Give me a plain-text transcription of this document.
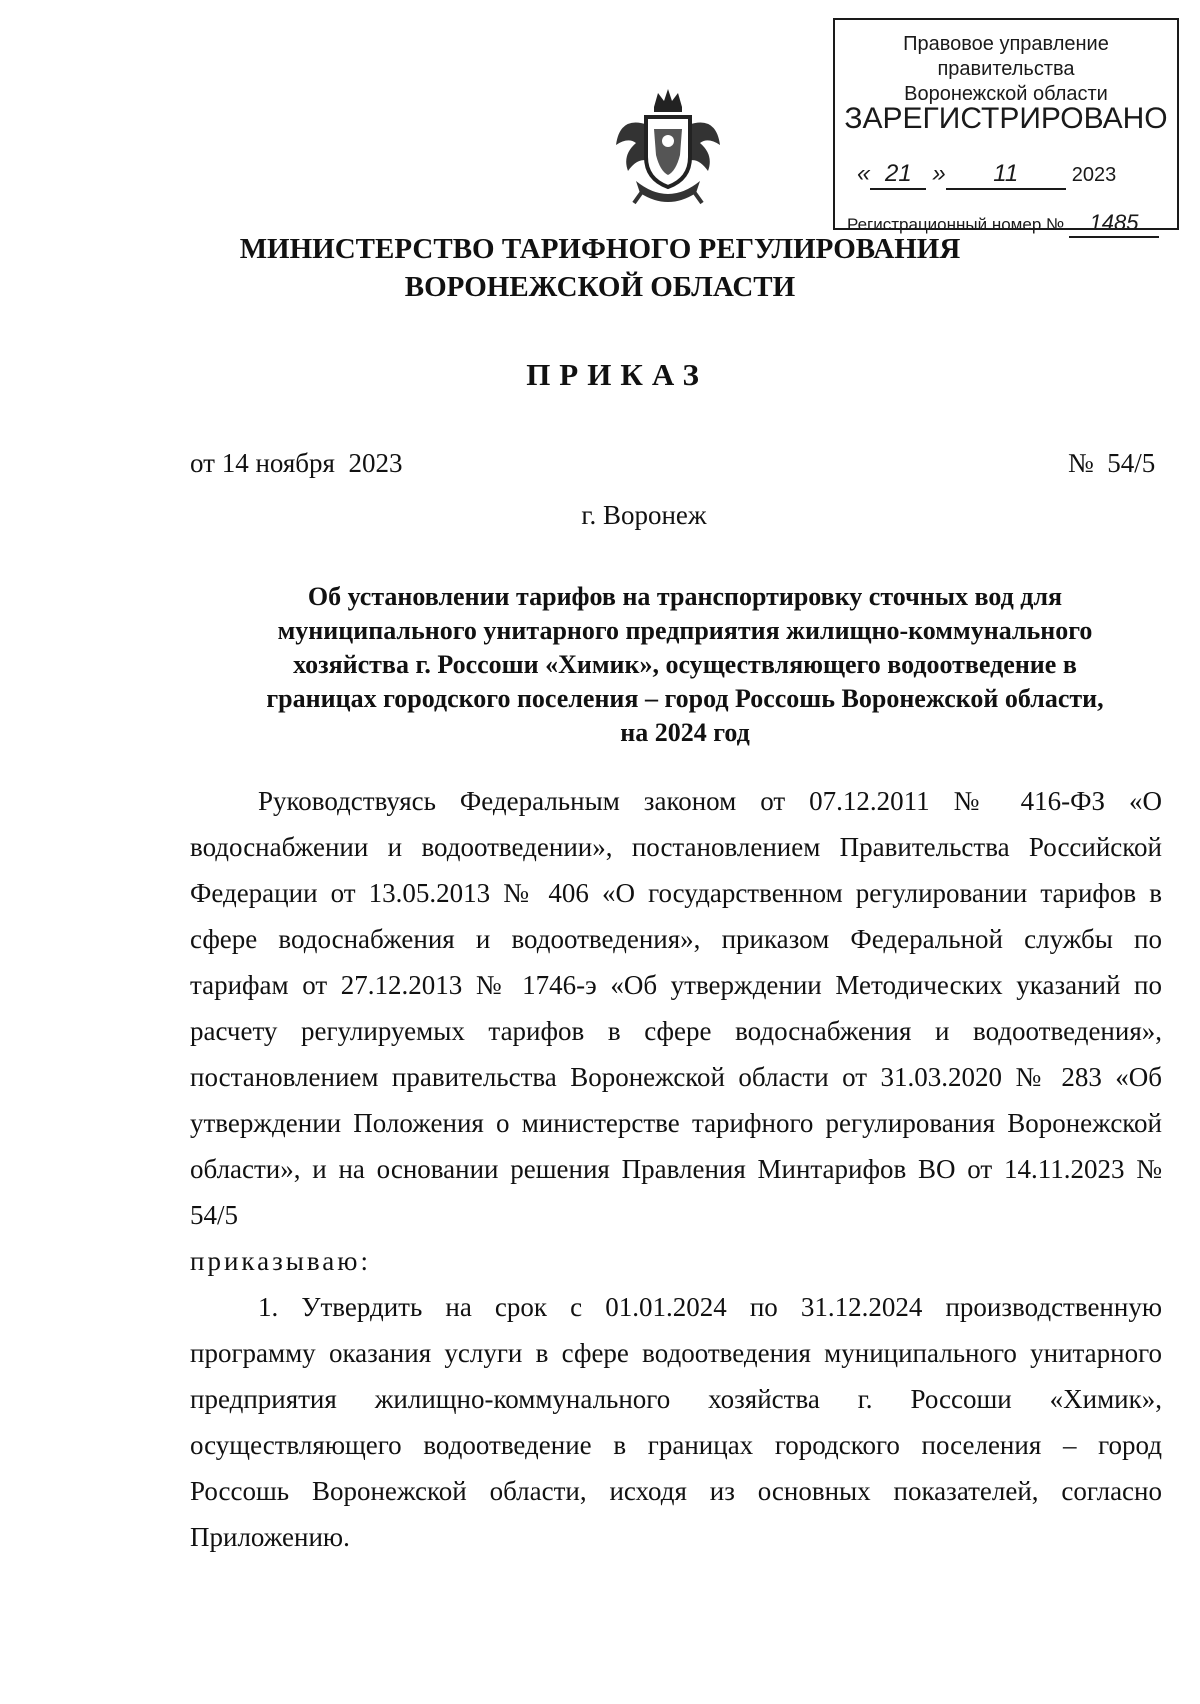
Правовое управление правительства
Воронежской области
ЗАРЕГИСТРИРОВАНО
« 21 » 11	2023
Регистрационный номер № 1485
МИНИСТЕРСТВО ТАРИФНОГО РЕГУЛИРОВАНИЯ
ВОРОНЕЖСКОЙ ОБЛАСТИ
ПРИКАЗ
от 14 ноября  2023	№  54/5
г. Воронеж
Об установлении тарифов на транспортировку сточных вод для
муниципального унитарного предприятия жилищно-коммунального
хозяйства г. Россоши «Химик», осуществляющего водоотведение в
границах городского поселения – город Россошь Воронежской области,
на 2024 год

Руководствуясь Федеральным законом от 07.12.2011 № 416-ФЗ «О водоснабжении и водоотведении», постановлением Правительства Российской Федерации от 13.05.2013 № 406 «О государственном регулировании тарифов в сфере водоснабжения и водоотведения», приказом Федеральной службы по тарифам от 27.12.2013 № 1746-э «Об утверждении Методических указаний по расчету регулируемых тарифов в сфере водоснабжения и водоотведения», постановлением правительства Воронежской области от 31.03.2020 № 283 «Об утверждении Положения о министерстве тарифного регулирования Воронежской области», и на основании решения Правления Минтарифов ВО от 14.11.2023 № 54/5

приказываю:

1. Утвердить на срок с 01.01.2024 по 31.12.2024 производственную программу оказания услуги в сфере водоотведения муниципального унитарного предприятия жилищно-коммунального хозяйства г. Россоши «Химик», осуществляющего водоотведение в границах городского поселения – город Россошь Воронежской области, исходя из основных показателей, согласно Приложению.
